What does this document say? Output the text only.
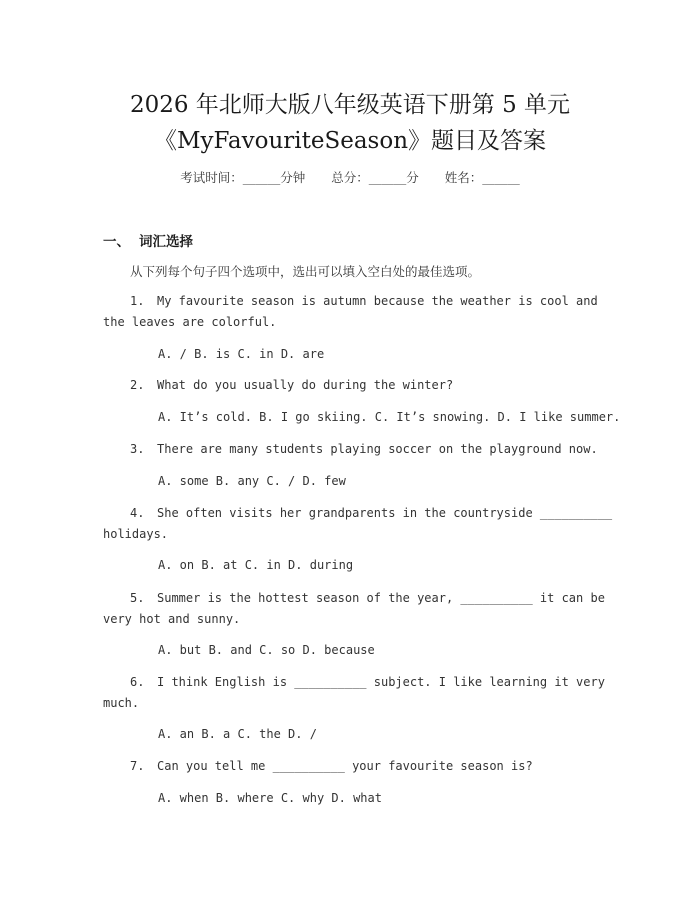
2026 年北师大版八年级英语下册第 5 单元
《MyFavouriteSeason》题目及答案
考试时间：______分钟 总分：______分 姓名：______
一、 词汇选择
从下列每个句子四个选项中，选出可以填入空白处的最佳选项。
1. My favourite season is autumn because the weather is cool and
the leaves are colorful.
A. / B. is C. in D. are
2. What do you usually do during the winter?
A. It’s cold. B. I go skiing. C. It’s snowing. D. I like summer.
3. There are many students playing soccer on the playground now.
A. some B. any C. / D. few
4. She often visits her grandparents in the countryside __________
holidays.
A. on B. at C. in D. during
5. Summer is the hottest season of the year, __________ it can be
very hot and sunny.
A. but B. and C. so D. because
6. I think English is __________ subject. I like learning it very
much.
A. an B. a C. the D. /
7. Can you tell me __________ your favourite season is?
A. when B. where C. why D. what
